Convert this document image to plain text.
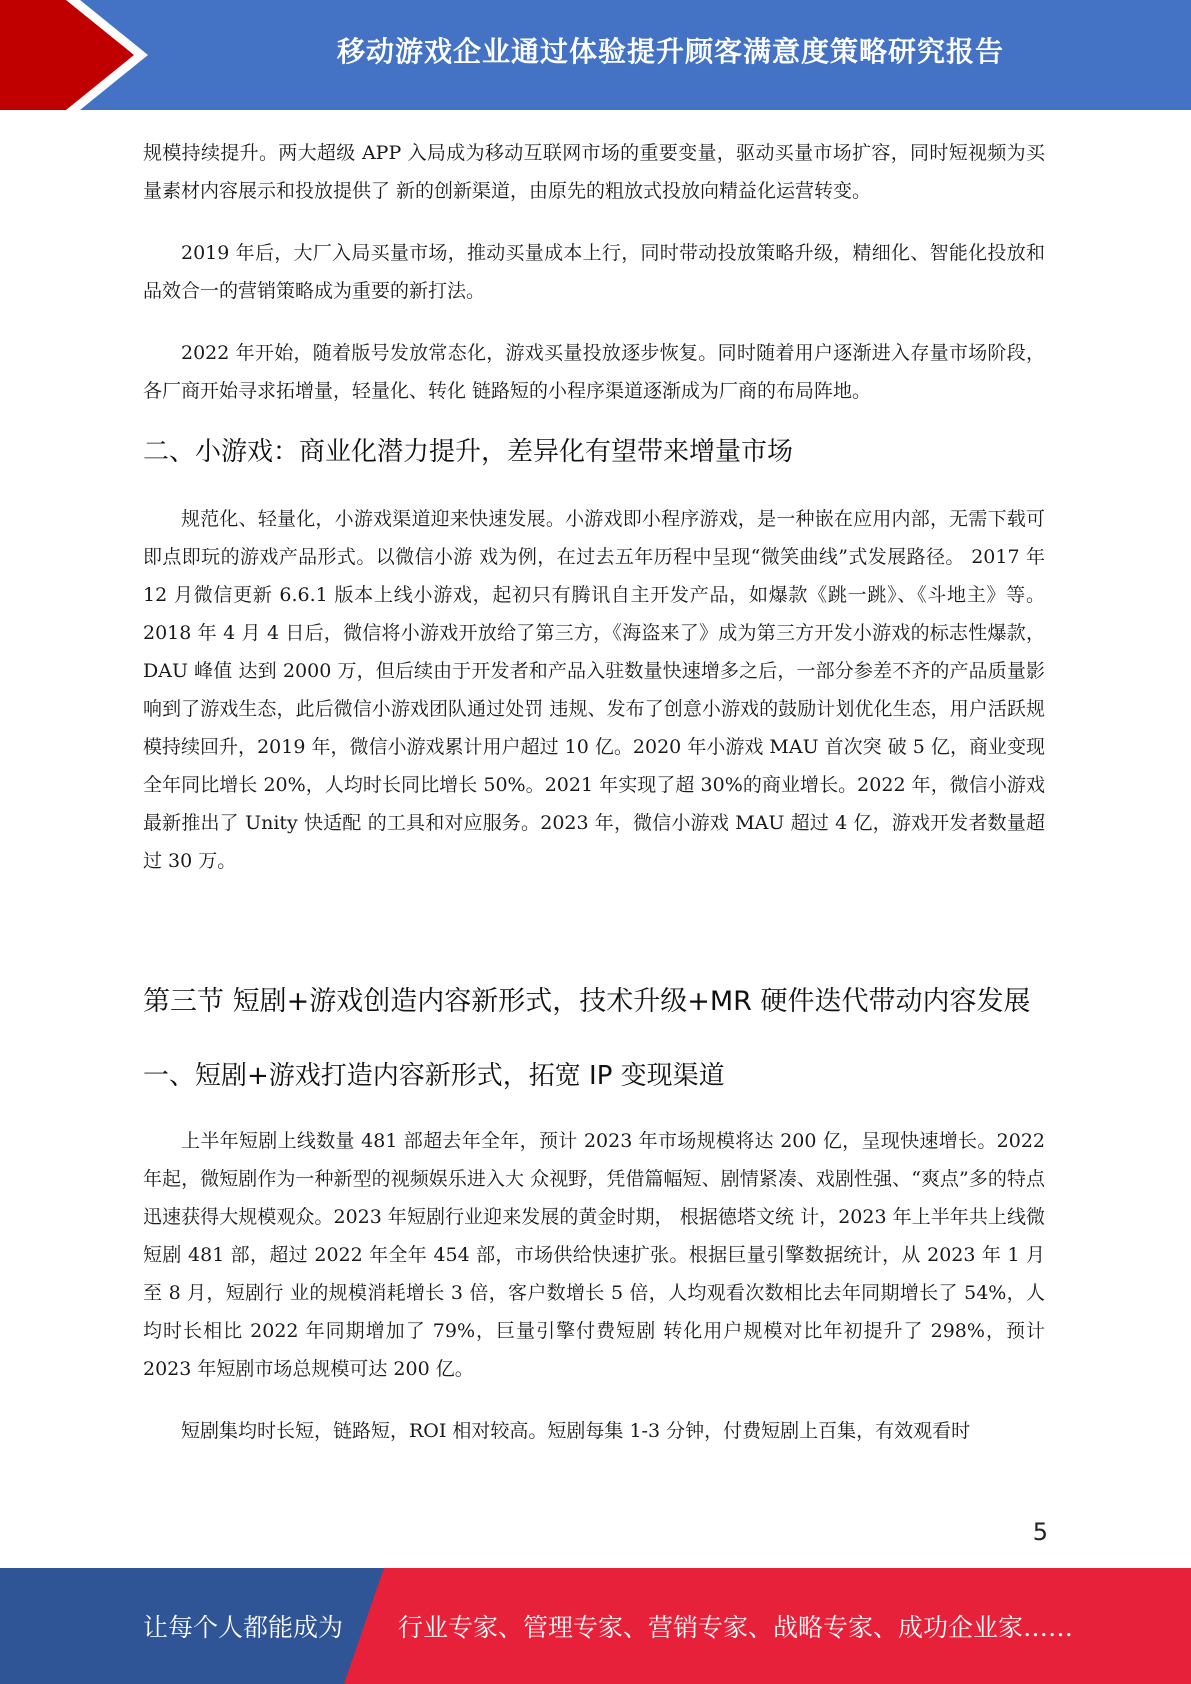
移动游戏企业通过体验提升顾客满意度策略研究报告

规模持续提升。两大超级 APP 入局成为移动互联网市场的重要变量，驱动买量市场扩容，同时短视频为买量素材内容展示和投放提供了 新的创新渠道，由原先的粗放式投放向精益化运营转变。

2019 年后，大厂入局买量市场，推动买量成本上行，同时带动投放策略升级，精细化、智能化投放和品效合一的营销策略成为重要的新打法。

2022 年开始，随着版号发放常态化，游戏买量投放逐步恢复。同时随着用户逐渐进入存量市场阶段，各厂商开始寻求拓增量，轻量化、转化 链路短的小程序渠道逐渐成为厂商的布局阵地。

二、小游戏：商业化潜力提升，差异化有望带来增量市场

规范化、轻量化，小游戏渠道迎来快速发展。小游戏即小程序游戏，是一种嵌在应用内部，无需下载可即点即玩的游戏产品形式。以微信小游 戏为例，在过去五年历程中呈现“微笑曲线”式发展路径。 2017 年 12 月微信更新 6.6.1 版本上线小游戏，起初只有腾讯自主开发产品，如爆款《跳一跳》、《斗地主》等。2018 年 4 月 4 日后，微信将小游戏开放给了第三方，《海盗来了》成为第三方开发小游戏的标志性爆款，DAU 峰值 达到 2000 万，但后续由于开发者和产品入驻数量快速增多之后，一部分参差不齐的产品质量影响到了游戏生态，此后微信小游戏团队通过处罚 违规、发布了创意小游戏的鼓励计划优化生态，用户活跃规模持续回升，2019 年，微信小游戏累计用户超过 10 亿。2020 年小游戏 MAU 首次突 破 5 亿，商业变现全年同比增长 20%，人均时长同比增长 50%。2021 年实现了超 30%的商业增长。2022 年，微信小游戏最新推出了 Unity 快适配 的工具和对应服务。2023 年，微信小游戏 MAU 超过 4 亿，游戏开发者数量超过 30 万。

第三节 短剧+游戏创造内容新形式，技术升级+MR 硬件迭代带动内容发展
一、短剧+游戏打造内容新形式，拓宽 IP 变现渠道

上半年短剧上线数量 481 部超去年全年，预计 2023 年市场规模将达 200 亿，呈现快速增长。2022 年起，微短剧作为一种新型的视频娱乐进入大 众视野，凭借篇幅短、剧情紧凑、戏剧性强、“爽点”多的特点迅速获得大规模观众。2023 年短剧行业迎来发展的黄金时期， 根据德塔文统 计，2023 年上半年共上线微短剧 481 部，超过 2022 年全年 454 部，市场供给快速扩张。根据巨量引擎数据统计，从 2023 年 1 月至 8 月，短剧行 业的规模消耗增长 3 倍，客户数增长 5 倍，人均观看次数相比去年同期增长了 54%，人均时长相比 2022 年同期增加了 79%，巨量引擎付费短剧 转化用户规模对比年初提升了 298%，预计 2023 年短剧市场总规模可达 200 亿。

短剧集均时长短，链路短，ROI 相对较高。短剧每集 1-3 分钟，付费短剧上百集，有效观看时

5
让每个人都能成为 行业专家、管理专家、营销专家、战略专家、成功企业家……
